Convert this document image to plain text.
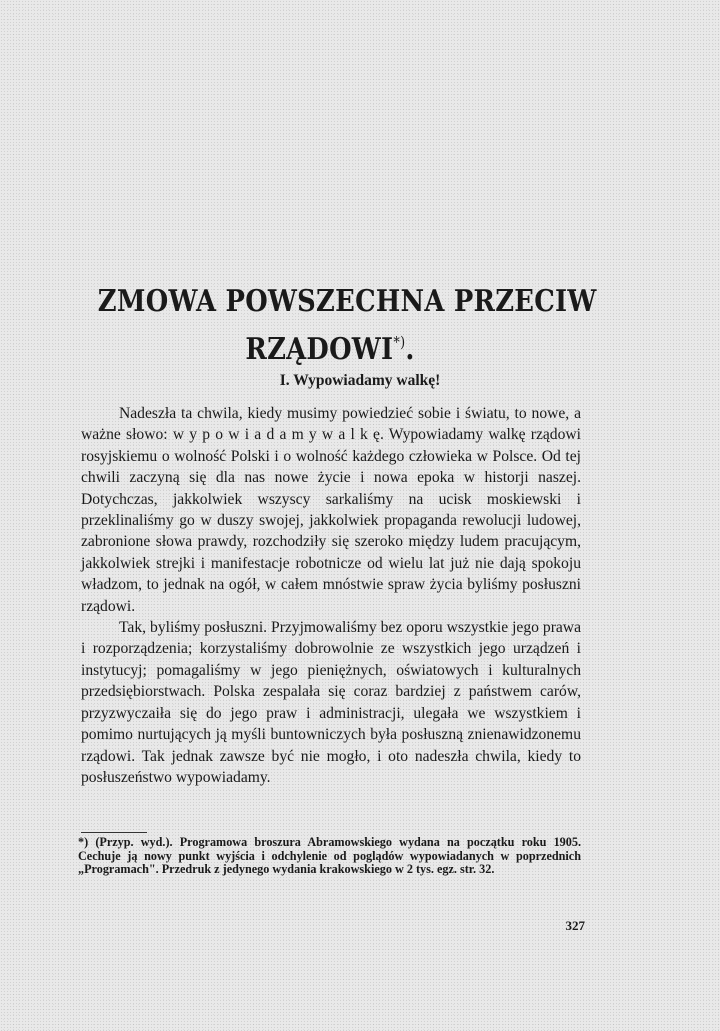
ZMOWA POWSZECHNA PRZECIW
RZĄDOWI*).
I. Wypowiadamy walkę!

Nadeszła ta chwila, kiedy musimy powiedzieć sobie i światu, to nowe, a ważne słowo: w y p o w i a d a m y w a l k ę. Wypowiadamy walkę rządowi rosyjskiemu o wolność Polski i o wolność każdego człowieka w Polsce. Od tej chwili zaczyną się dla nas nowe życie i nowa epoka w historji naszej. Dotychczas, jakkolwiek wszyscy sarkaliśmy na ucisk moskiewski i przeklinaliśmy go w duszy swojej, jakkolwiek propaganda rewolucji ludowej, zabronione słowa prawdy, rozchodziły się szeroko między ludem pracującym, jakkolwiek strejki i manifestacje robotnicze od wielu lat już nie dają spokoju władzom, to jednak na ogół, w całem mnóstwie spraw życia byliśmy posłuszni rządowi.

Tak, byliśmy posłuszni. Przyjmowaliśmy bez oporu wszystkie jego prawa i rozporządzenia; korzystaliśmy dobrowolnie ze wszystkich jego urządzeń i instytucyj; pomagaliśmy w jego pieniężnych, oświatowych i kulturalnych przedsiębiorstwach. Polska zespalała się coraz bardziej z państwem carów, przyzwyczaiła się do jego praw i administracji, ulegała we wszystkiem i pomimo nurtujących ją myśli buntowniczych była posłuszną znienawidzonemu rządowi. Tak jednak zawsze być nie mogło, i oto nadeszła chwila, kiedy to posłuszeństwo wypowiadamy.

*) (Przyp. wyd.). Programowa broszura Abramowskiego wydana na początku roku 1905. Cechuje ją nowy punkt wyjścia i odchylenie od poglądów wypowiadanych w poprzednich „Programach". Przedruk z jedynego wydania krakowskiego w 2 tys. egz. str. 32.

327
